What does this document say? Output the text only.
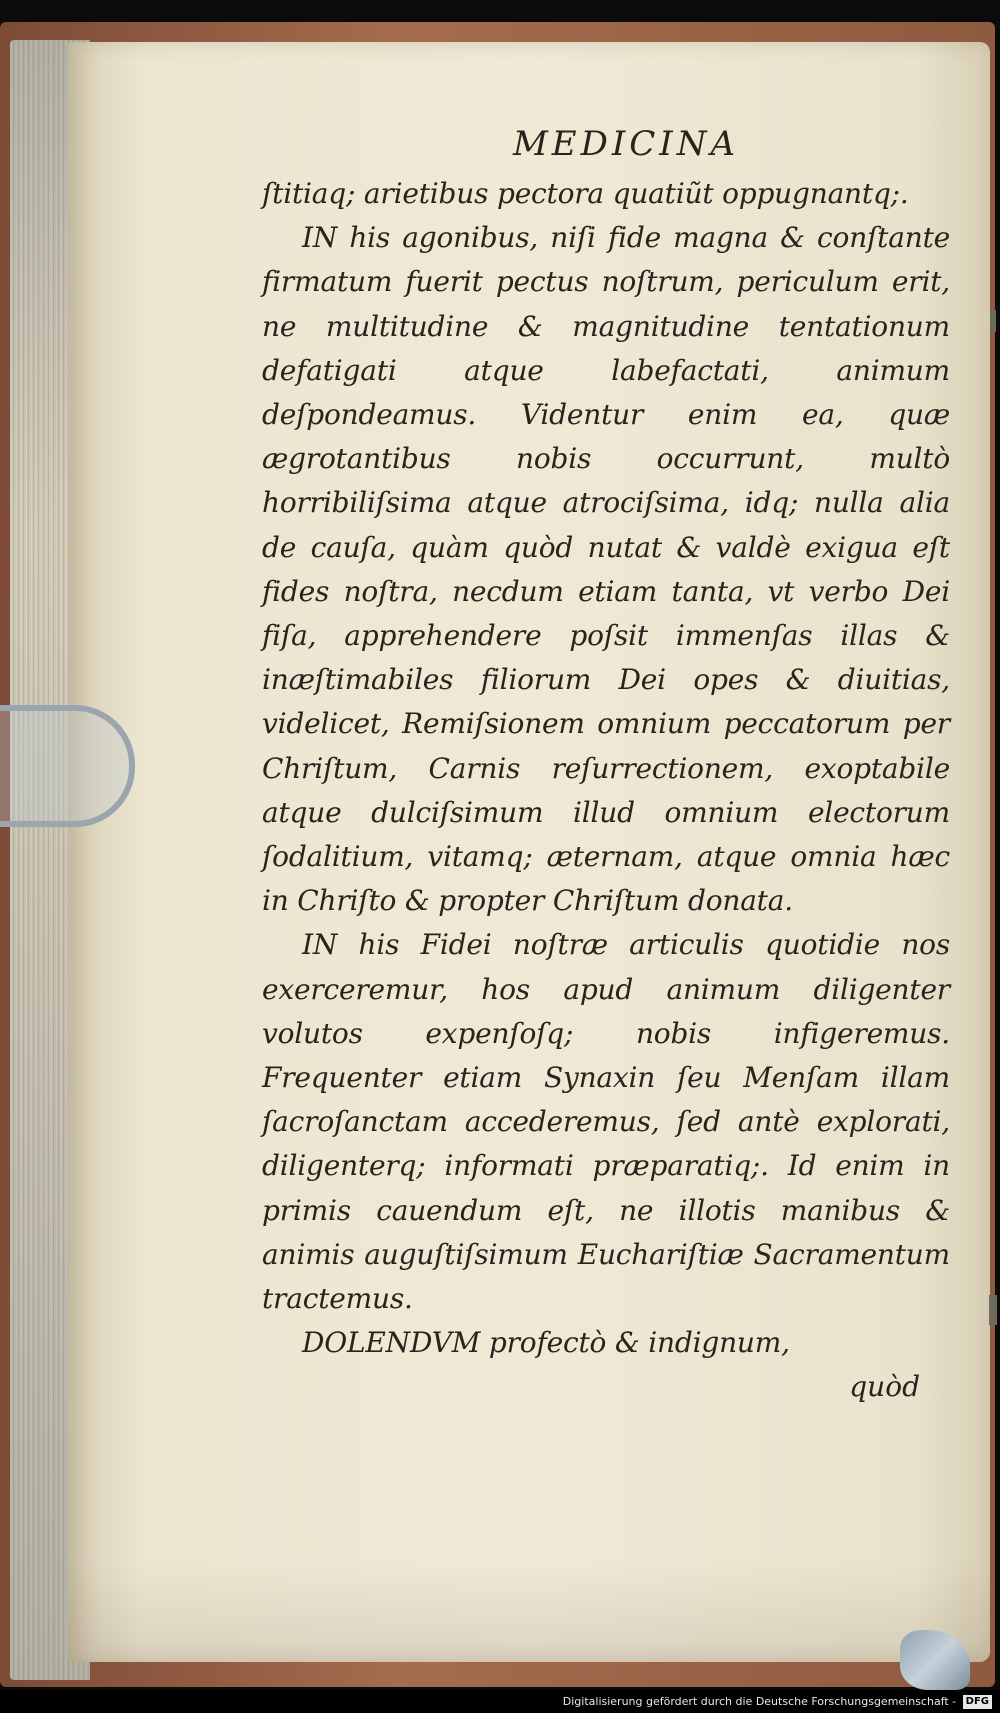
MEDICINA

ſtitiaq; arietibus pectora quatiũt oppugnantq;.

IN his agonibus, niſi fide magna & conſtante firmatum fuerit pectus noſtrum, periculum erit, ne multitudine & magnitudine tentationum defatigati atque labefactati, animum deſpondeamus. Videntur enim ea, quæ ægrotantibus nobis occurrunt, multò horribiliſsima atque atrociſsima, idq; nulla alia de cauſa, quàm quòd nutat & valdè exigua eſt fides noſtra, necdum etiam tanta, vt verbo Dei fiſa, apprehendere poſsit immenſas illas & inæſtimabiles filiorum Dei opes & diuitias, videlicet, Remiſsionem omnium peccatorum per Chriſtum, Carnis reſurrectionem, exoptabile atque dulciſsimum illud omnium electorum ſodalitium, vitamq; æternam, atque omnia hæc in Chriſto & propter Chriſtum donata.

IN his Fidei noſtræ articulis quotidie nos exerceremur, hos apud animum diligenter volutos expenſoſq; nobis infigeremus. Frequenter etiam Synaxin ſeu Menſam illam ſacroſanctam accederemus, ſed antè explorati, diligenterq; informati præparatiq;. Id enim in primis cauendum eſt, ne illotis manibus & animis auguſtiſsimum Euchariſtiæ Sacramentum tractemus.

DOLENDVM profectò & indignum,

quòd
Digitalisierung gefördert durch die Deutsche Forschungsgemeinschaft - DFG
